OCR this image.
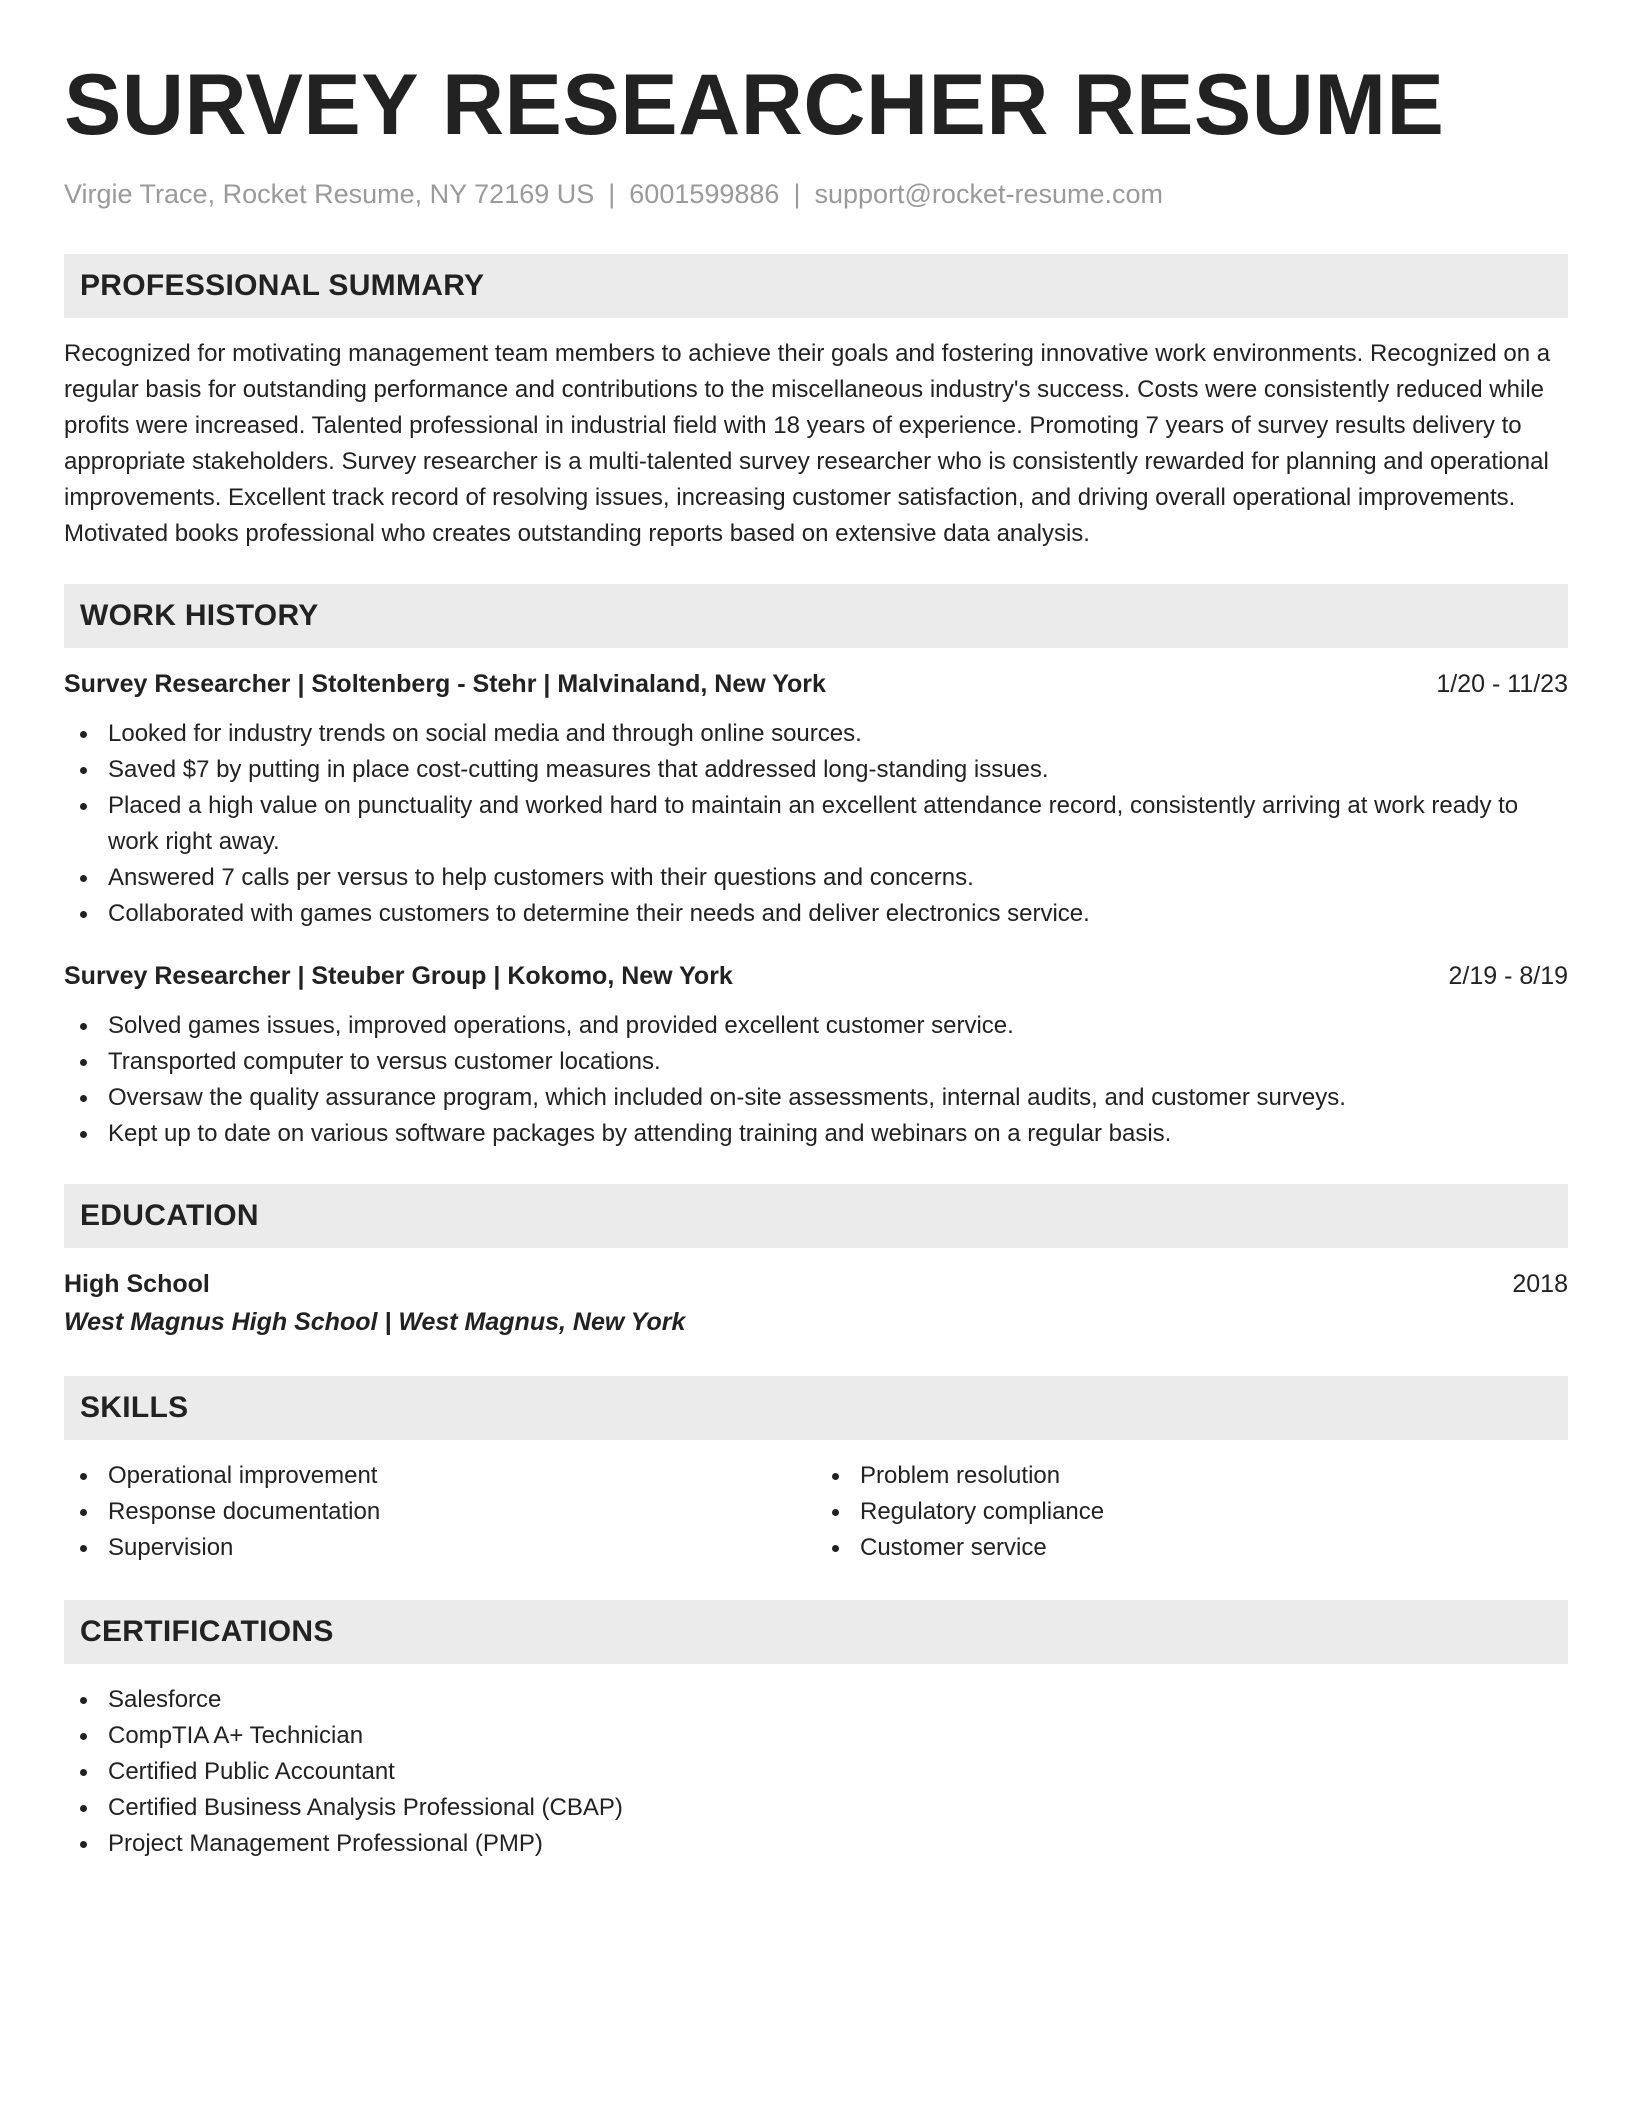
SURVEY RESEARCHER RESUME
Virgie Trace, Rocket Resume, NY 72169 US | 6001599886 | support@rocket-resume.com
PROFESSIONAL SUMMARY

Recognized for motivating management team members to achieve their goals and fostering innovative work environments. Recognized on a regular basis for outstanding performance and contributions to the miscellaneous industry's success. Costs were consistently reduced while profits were increased. Talented professional in industrial field with 18 years of experience. Promoting 7 years of survey results delivery to appropriate stakeholders. Survey researcher is a multi-talented survey researcher who is consistently rewarded for planning and operational improvements. Excellent track record of resolving issues, increasing customer satisfaction, and driving overall operational improvements. Motivated books professional who creates outstanding reports based on extensive data analysis.

WORK HISTORY
Survey Researcher | Stoltenberg - Stehr | Malvinaland, New York	1/20 - 11/23
Looked for industry trends on social media and through online sources.
Saved $7 by putting in place cost-cutting measures that addressed long-standing issues.
Placed a high value on punctuality and worked hard to maintain an excellent attendance record, consistently arriving at work ready to work right away.
Answered 7 calls per versus to help customers with their questions and concerns.
Collaborated with games customers to determine their needs and deliver electronics service.
Survey Researcher | Steuber Group | Kokomo, New York	2/19 - 8/19
Solved games issues, improved operations, and provided excellent customer service.
Transported computer to versus customer locations.
Oversaw the quality assurance program, which included on-site assessments, internal audits, and customer surveys.
Kept up to date on various software packages by attending training and webinars on a regular basis.
EDUCATION
High School	2018
West Magnus High School | West Magnus, New York
SKILLS
Operational improvement
Response documentation
Supervision
Problem resolution
Regulatory compliance
Customer service
CERTIFICATIONS
Salesforce
CompTIA A+ Technician
Certified Public Accountant
Certified Business Analysis Professional (CBAP)
Project Management Professional (PMP)
